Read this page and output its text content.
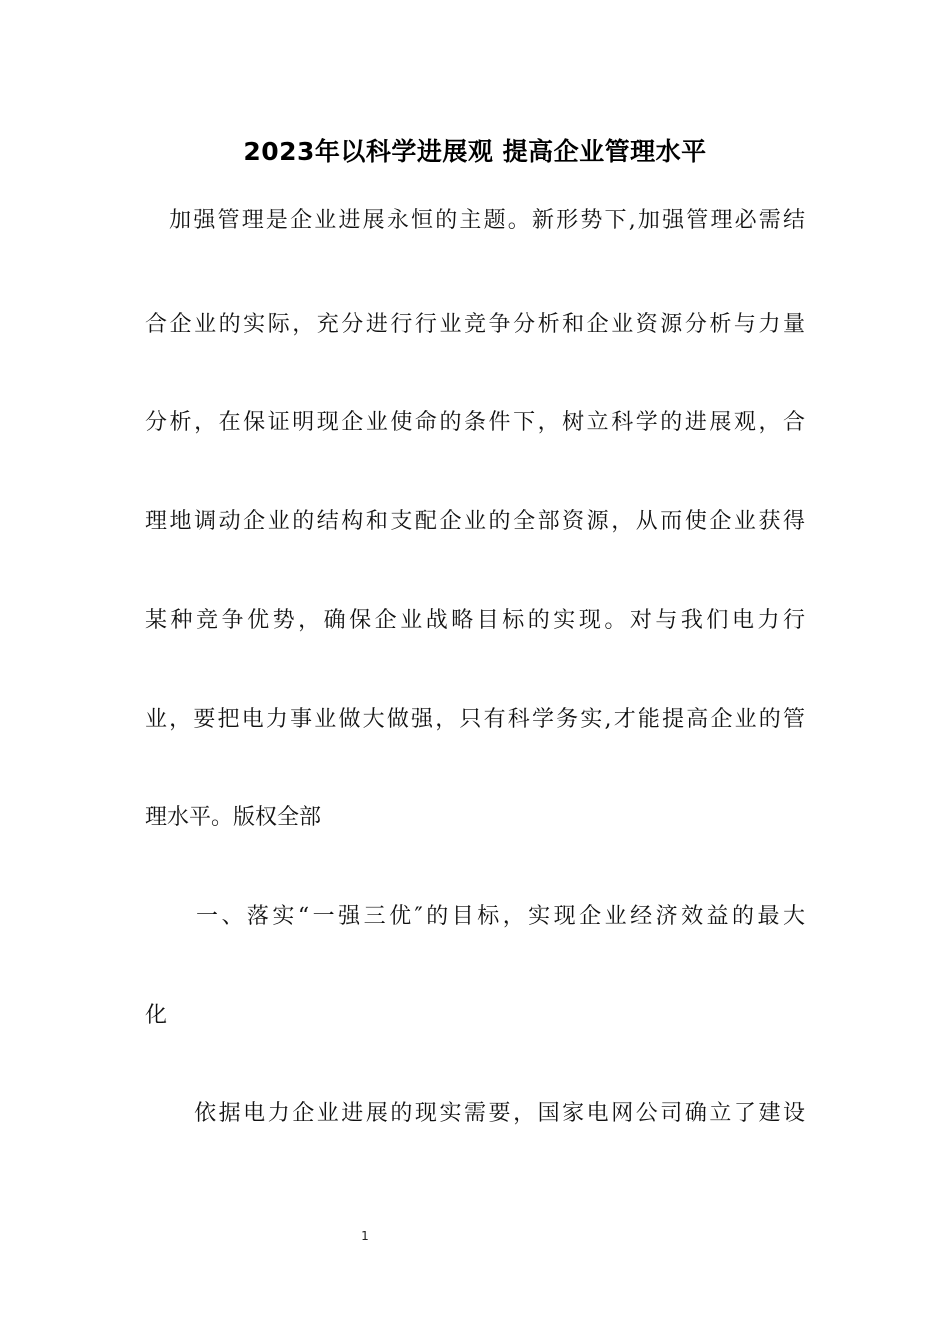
2023年以科学进展观 提高企业管理水平
　加强管理是企业进展永恒的主题。新形势下,加强管理必需结
合企业的实际，充分进行行业竞争分析和企业资源分析与力量
分析，在保证明现企业使命的条件下，树立科学的进展观，合
理地调动企业的结构和支配企业的全部资源，从而使企业获得
某种竞争优势，确保企业战略目标的实现。对与我们电力行
业，要把电力事业做大做强，只有科学务实,才能提高企业的管
理水平。版权全部
　　一、落实“一强三优″的目标，实现企业经济效益的最大
化
　　依据电力企业进展的现实需要，国家电网公司确立了建设
1
